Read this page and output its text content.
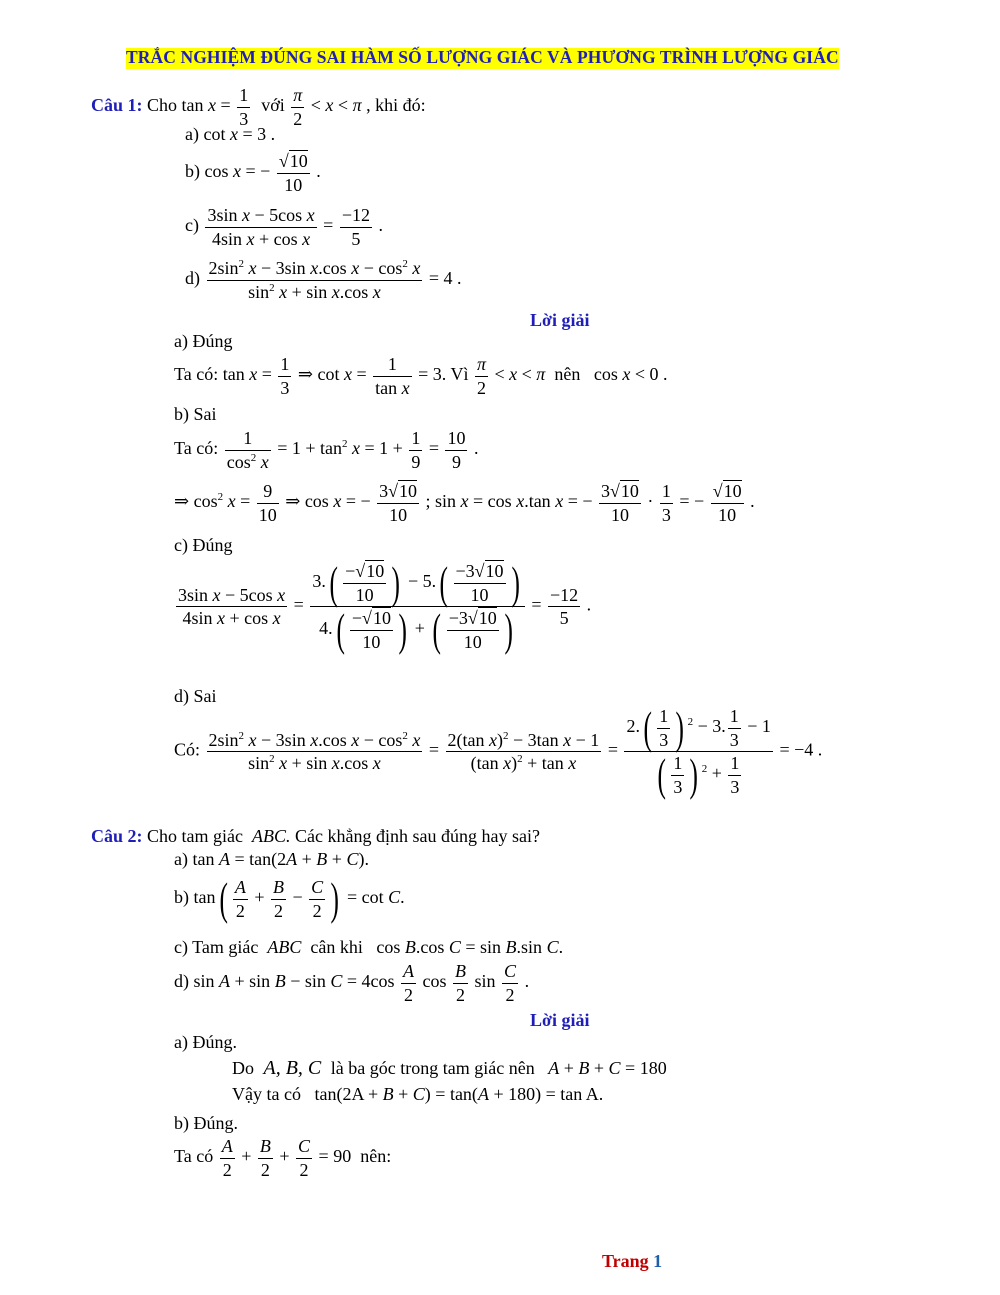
TRẮC NGHIỆM ĐÚNG SAI HÀM SỐ LƯỢNG GIÁC VÀ PHƯƠNG TRÌNH LƯỢNG GIÁC
Câu 1: Cho $\tan x = \frac{1}{3}$ với $\frac{\pi}{2} < x < \pi$ , khi đó:
a) cot x = 3 .
b) cos x = − $\frac{√10}{10}$ .
$c) \frac{\text{3sin x − 5cos x}}{\text{4sin x + cos x}} = \frac{-12}{5}$ .
$d) \frac{2\sin^2 x - 3\sin x.\cos x - \cos^2 x}{\sin^2 x + \sin x.\cos x} = 4$ .
Lời giải
a) Đúng
Ta có: $\tan x = \frac{1}{3}$ ⇒ $\cot x = \frac{1}{\text{tan x}} = 3$. Vì $\frac{\pi}{2} < x < \pi$ nên   cos x < 0 .
b) Sai
Ta có: $\frac{1}{\cos^2 x} = 1 + \tan^2 x = 1 + \frac{1}{9} = \frac{10}{9}$ .
⇒ $\cos^2 x = \frac{9}{10}$ ⇒ cos x = − $\frac{3√10}{10}$ ; sin x = cos x.tan x = − $\frac{3√10}{10} \cdot \frac{1}{3}$ = − $\frac{√10}{10}$ .
c) Đúng
$\frac{\text{3sin x − 5cos x}}{\text{4sin x + cos x}} = \frac{3.( \frac{-√10}{10} ) - 5.( \frac{-3√10}{10} )}{4.( \frac{-√10}{10} ) + ( \frac{-3√10}{10} )} = \frac{-12}{5}$ .
d) Sai
Có: $\frac{2\sin^2 x - 3\sin x.\cos x - \cos^2 x}{\sin^2 x + \sin x.\cos x} = \frac{2(\tan x)^2 - 3\tan x - 1}{(\tan x)^2 + \tan x} = \frac{2.( \frac{1}{3} ) ^2 - 3. \frac{1}{3} - 1}{( \frac{1}{3} ) ^2 + \frac{1}{3}} = -4$ .
Câu 2: Cho tam giác  ABC. Các khẳng định sau đúng hay sai?
a) tan A = tan(2A + B + C).
b) $\tan( \frac{A}{2} + \frac{B}{2} - \frac{C}{2}$ ) = cot C.
c) Tam giác  ABC  cân khi   cos B.cos C = sin B.sin C.
d) $\sin A + \sin B - \sin C = 4\cos \frac{A}{2}$ $\cos \frac{B}{2}$ $\sin \frac{C}{2}$ .
Lời giải
a) Đúng.
Do  A, B, C  là ba góc trong tam giác nên A + B + C = 180
Vậy ta có   tan(2A + B + C) = tan(A + 180) = tan A.
b) Đúng.
Ta có $\frac{A}{2} + \frac{B}{2} + \frac{C}{2} = 90$  nên:
Trang 1
